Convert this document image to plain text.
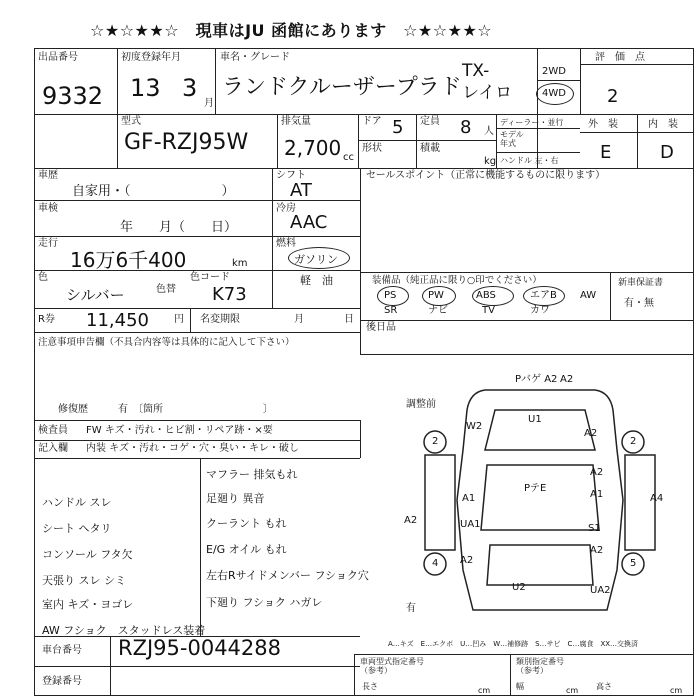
☆★☆★★☆　現車はJU 函館にあります　☆★☆★★☆
出品番号
9332
初度登録年月
13 3
月
車名・グレード
ランドクルーザープラド
TX-
レイロ
2WD
4WD
評　価　点
2
型式
GF-RZJ95W
排気量
2,700 cc
ドア 5 定員 8 人
形状	積載
kg
ディーラー・並行
モデル
年式
ハンドル 左・右
外　装	内　装
E	D
車歴
自家用・（　　　　　　　）
シフト
AT
車検
年　　月（　　日）
冷房
AAC
走行
16万6千400	km
燃料
ガソリン
軽　油
色
シルバー	色替
色コード
K73
R券 11,450	円 名変期限	月	日
注意事項申告欄（不具合内容等は具体的に記入して下さい）
修復歴	有　〔箇所　　　　　　　　　　〕
検査員
記入欄
FW キズ・汚れ・ヒビ割・リペア跡・×要
内装 キズ・汚れ・コゲ・穴・臭い・キレ・破し
マフラー 排気もれ
足廻り 異音
クーラント もれ
E/G オイル もれ
左右Rサイドメンバー フショク穴
下廻り フショク ハガレ
ハンドル スレ
シート ヘタリ
コンソール フタ欠
天張り スレ シミ
室内 キズ・ヨゴレ
AW フショク　スタッドレス装着
車台番号 RZJ95-0044288
登録番号
セールスポイント（正常に機能するものに限ります）
装備品（純正品に限り○印でください）	新車保証書
有・無
後日品
PS	PW	ABS	エアB AW
SR	ナビ	TV	カワ
Pバゲ A2
調整前
U1
W2
A2
A2
PテE
A1	A1
A2	UA1	S1
A4
A2
A2
U2	UA2
有
2	2
5
4
A2
A…キズ　E…エクボ　U…凹み　W…補修跡　S…サビ　C…腐食　XX…交換済
類別指定番号
（参考）
車両型式指定番号
（参考）
長さ	cm	幅	cm 高さ	cm
